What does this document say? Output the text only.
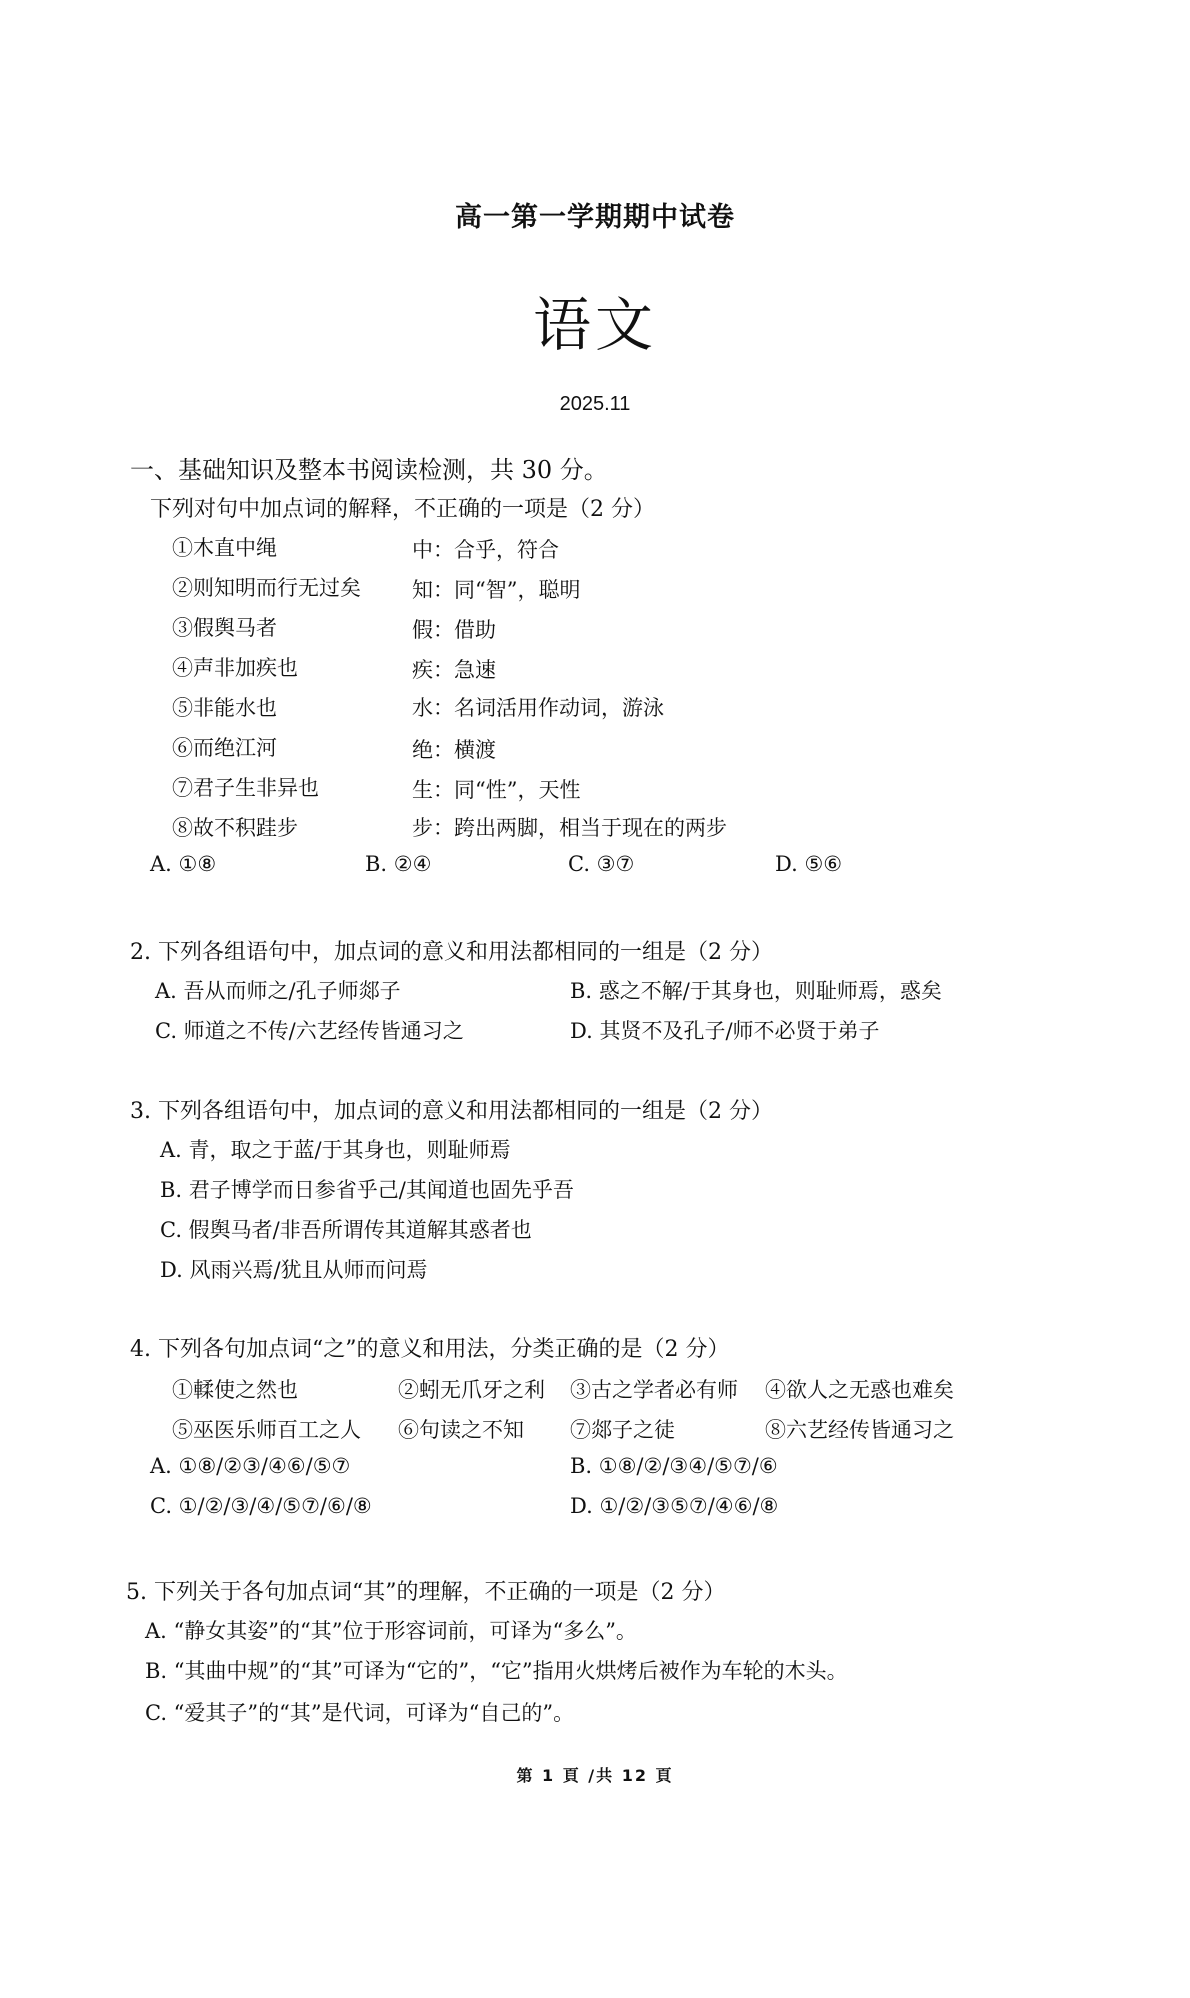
高一第一学期期中试卷
语文
2025.11
一、基础知识及整本书阅读检测，共 30 分。
下列对句中加点词的解释，不正确的一项是（2 分）
①木直中绳	中：合乎，符合
②则知明而行无过矣 知：同“智”，聪明
③假舆马者	假：借助
④声非加疾也	疾：急速
⑤非能水也	水：名词活用作动词，游泳
⑥而绝江河	绝：横渡
⑦君子生非异也	生：同“性”，天性
⑧故不积跬步	步：跨出两脚，相当于现在的两步
A. ①⑧	B. ②④	C. ③⑦	D. ⑤⑥
2. 下列各组语句中，加点词的意义和用法都相同的一组是（2 分）
A. 吾从而师之/孔子师郯子	B. 惑之不解/于其身也，则耻师焉，惑矣
C. 师道之不传/六艺经传皆通习之	D. 其贤不及孔子/师不必贤于弟子
3. 下列各组语句中，加点词的意义和用法都相同的一组是（2 分）
A. 青，取之于蓝/于其身也，则耻师焉
B. 君子博学而日参省乎己/其闻道也固先乎吾
C. 假舆马者/非吾所谓传其道解其惑者也
D. 风雨兴焉/犹且从师而问焉
4. 下列各句加点词“之”的意义和用法，分类正确的是（2 分）
①輮使之然也	②蚓无爪牙之利 ③古之学者必有师 ④欲人之无惑也难矣
⑤巫医乐师百工之人 ⑥句读之不知 ⑦郯子之徒	⑧六艺经传皆通习之
A. ①⑧/②③/④⑥/⑤⑦	B. ①⑧/②/③④/⑤⑦/⑥
C. ①/②/③/④/⑤⑦/⑥/⑧	D. ①/②/③⑤⑦/④⑥/⑧
5. 下列关于各句加点词“其”的理解，不正确的一项是（2 分）
A. “静女其姿”的“其”位于形容词前，可译为“多么”。
B. “其曲中规”的“其”可译为“它的”，“它”指用火烘烤后被作为车轮的木头。
C. “爱其子”的“其”是代词，可译为“自己的”。
第 1 頁 /共 12 頁
